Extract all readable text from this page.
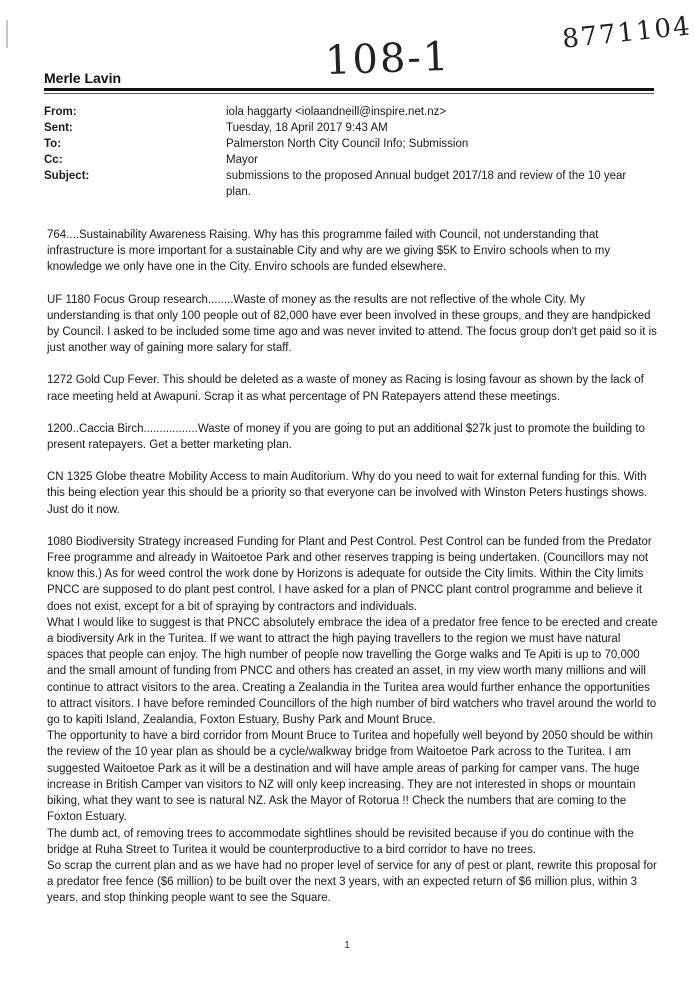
108-1
8771104
Merle Lavin
From:	iola haggarty <iolaandneill@inspire.net.nz>
Sent:	Tuesday, 18 April 2017 9:43 AM
To:	Palmerston North City Council Info; Submission
Cc:	Mayor
Subject:	submissions to the proposed Annual budget 2017/18 and review of the 10 year plan.

764....Sustainability Awareness Raising. Why has this programme failed with Council, not understanding that infrastructure is more important for a sustainable City and why are we giving $5K to Enviro schools when to my knowledge we only have one in the City. Enviro schools are funded elsewhere.

UF 1180 Focus Group research........Waste of money as the results are not reflective of the whole City. My understanding is that only 100 people out of 82,000 have ever been involved in these groups, and they are handpicked by Council. I asked to be included some time ago and was never invited to attend. The focus group don't get paid so it is just another way of gaining more salary for staff.

1272 Gold Cup Fever. This should be deleted as a waste of money as Racing is losing favour as shown by the lack of race meeting held at Awapuni. Scrap it as what percentage of PN Ratepayers attend these meetings.

1200..Caccia Birch.................Waste of money if you are going to put an additional $27k just to promote the building to present ratepayers. Get a better marketing plan.

CN 1325 Globe theatre Mobility Access to main Auditorium. Why do you need to wait for external funding for this. With this being election year this should be a priority so that everyone can be involved with Winston Peters hustings shows. Just do it now.

1080 Biodiversity Strategy increased Funding for Plant and Pest Control. Pest Control can be funded from the Predator Free programme and already in Waitoetoe Park and other reserves trapping is being undertaken. (Councillors may not know this.) As for weed control the work done by Horizons is adequate for outside the City limits. Within the City limits PNCC are supposed to do plant pest control. I have asked for a plan of PNCC plant control programme and believe it does not exist, except for a bit of spraying by contractors and individuals.

What I would like to suggest is that PNCC absolutely embrace the idea of a predator free fence to be erected and create a biodiversity Ark in the Turitea. If we want to attract the high paying travellers to the region we must have natural spaces that people can enjoy. The high number of people now travelling the Gorge walks and Te Apiti is up to 70,000 and the small amount of funding from PNCC and others has created an asset, in my view worth many millions and will continue to attract visitors to the area. Creating a Zealandia in the Turitea area would further enhance the opportunities to attract visitors. I have before reminded Councillors of the high number of bird watchers who travel around the world to go to kapiti Island, Zealandia, Foxton Estuary, Bushy Park and Mount Bruce.

The opportunity to have a bird corridor from Mount Bruce to Turitea and hopefully well beyond by 2050 should be within the review of the 10 year plan as should be a cycle/walkway bridge from Waitoetoe Park across to the Turitea. I am suggested Waitoetoe Park as it will be a destination and will have ample areas of parking for camper vans. The huge increase in British Camper van visitors to NZ will only keep increasing. They are not interested in shops or mountain biking, what they want to see is natural NZ. Ask the Mayor of Rotorua !! Check the numbers that are coming to the Foxton Estuary.

The dumb act, of removing trees to accommodate sightlines should be revisited because if you do continue with the bridge at Ruha Street to Turitea it would be counterproductive to a bird corridor to have no trees.

So scrap the current plan and as we have had no proper level of service for any of pest or plant, rewrite this proposal for a predator free fence ($6 million) to be built over the next 3 years, with an expected return of $6 million plus, within 3 years, and stop thinking people want to see the Square.

1
